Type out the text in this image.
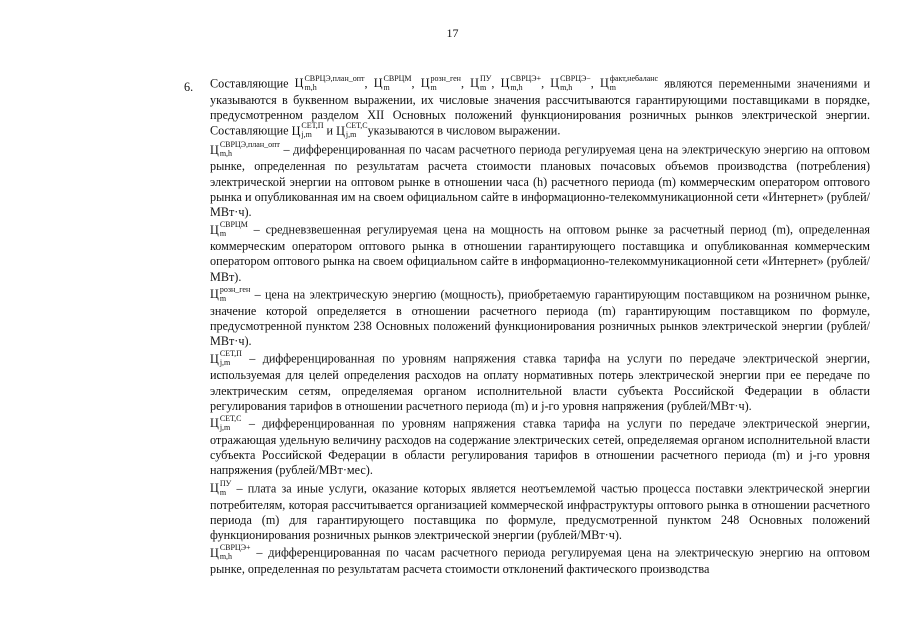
17
6. Составляющие Ц СВРЦЭ,план_опт
m,h	, Ц СВРЦМ
m	, Ц розн_ген
m	, Ц ПУ
m , Ц СВРЦЭ+
m,h	, Ц СВРЦЭ−
m,h	, Ц факт,небаланс
m	являются переменными значениями и указываются в буквенном выражении, их числовые значения рассчитываются гарантирующими поставщиками в порядке, предусмотренном разделом XII Основных положений функционирования розничных рынков электрической энергии. Составляющие Ц СЕТ,П
j,m	и Ц СЕТ,С
j,m указываются в числовом выражении.

Ц СВРЦЭ,план_опт
m,h	– дифференцированная по часам расчетного периода регулируемая цена на электрическую энергию на оптовом рынке, определенная по результатам расчета стоимости плановых почасовых объемов производства (потребления) электрической энергии на оптовом рынке в отношении часа (h) расчетного периода (m) коммерческим оператором оптового рынка и опубликованная им на своем официальном сайте в информационно-телекоммуникационной сети «Интернет» (рублей/МВт·ч).

Ц СВРЦМ
m	– средневзвешенная регулируемая цена на мощность на оптовом рынке за расчетный период (m), определенная коммерческим оператором оптового рынка в отношении гарантирующего поставщика и опубликованная коммерческим оператором оптового рынка на своем официальном сайте в информационно-телекоммуникационной сети «Интернет» (рублей/МВт).

Ц розн_ген
m	– цена на электрическую энергию (мощность), приобретаемую гарантирующим поставщиком на розничном рынке, значение которой определяется в отношении расчетного периода (m) гарантирующим поставщиком по формуле, предусмотренной пунктом 238 Основных положений функционирования розничных рынков электрической энергии (рублей/МВт·ч).

Ц СЕТ,П
j,m	– дифференцированная по уровням напряжения ставка тарифа на услуги по передаче электрической энергии, используемая для целей определения расходов на оплату нормативных потерь электрической энергии при ее передаче по электрическим сетям, определяемая органом исполнительной власти субъекта Российской Федерации в области регулирования тарифов в отношении расчетного периода (m) и j-го уровня напряжения (рублей/МВт·ч).

Ц СЕТ,С
j,m	– дифференцированная по уровням напряжения ставка тарифа на услуги по передаче электрической энергии, отражающая удельную величину расходов на содержание электрических сетей, определяемая органом исполнительной власти субъекта Российской Федерации в области регулирования тарифов в отношении расчетного периода (m) и j-го уровня напряжения (рублей/МВт·мес).

Ц ПУ
m – плата за иные услуги, оказание которых является неотъемлемой частью процесса поставки электрической энергии потребителям, которая рассчитывается организацией коммерческой инфраструктуры оптового рынка в отношении расчетного периода (m) для гарантирующего поставщика по формуле, предусмотренной пунктом 248 Основных положений функционирования розничных рынков электрической энергии (рублей/МВт·ч).

Ц СВРЦЭ+
m,h	– дифференцированная по часам расчетного периода регулируемая цена на электрическую энергию на оптовом рынке, определенная по результатам расчета стоимости отклонений фактического производства
